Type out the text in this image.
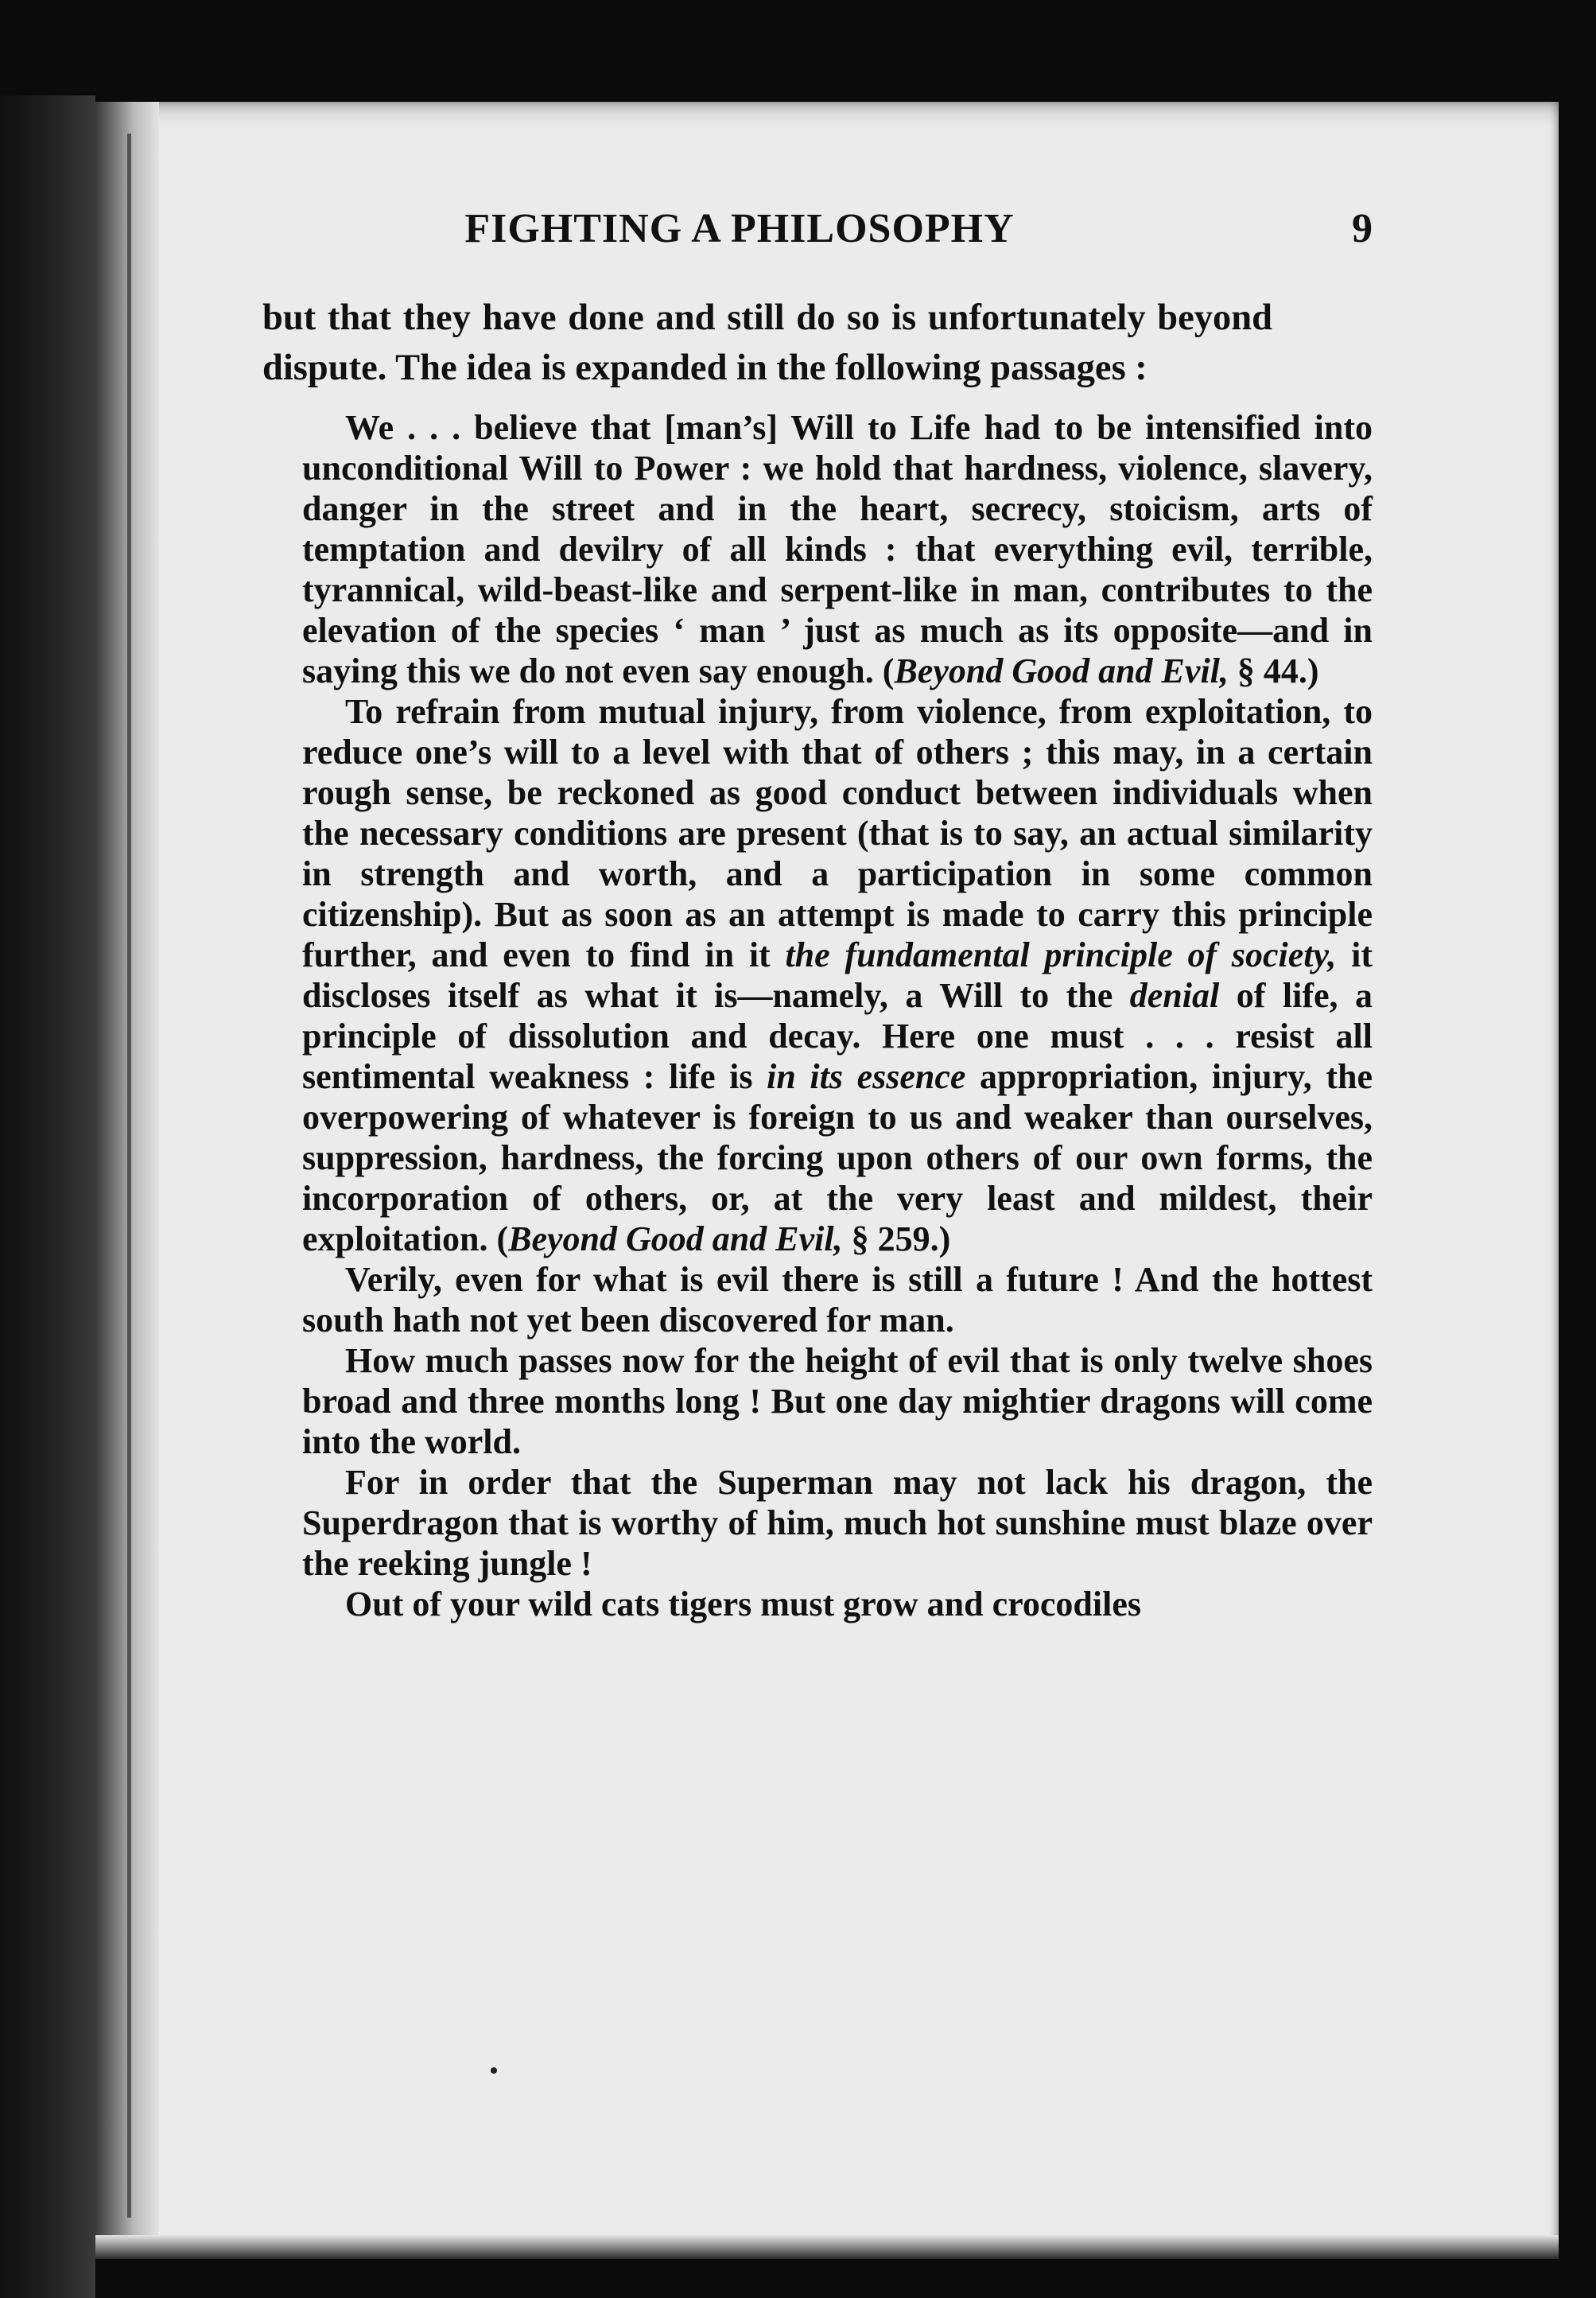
FIGHTING A PHILOSOPHY	9

but that they have done and still do so is unfortunately beyond dispute. The idea is expanded in the following passages :

We . . . believe that [man’s] Will to Life had to be intensified into unconditional Will to Power : we hold that hardness, violence, slavery, danger in the street and in the heart, secrecy, stoicism, arts of temptation and devilry of all kinds : that everything evil, terrible, tyrannical, wild-beast-like and serpent-like in man, contributes to the elevation of the species ‘ man ’ just as much as its opposite—and in saying this we do not even say enough. (Beyond Good and Evil, § 44.)

To refrain from mutual injury, from violence, from exploitation, to reduce one’s will to a level with that of others ; this may, in a certain rough sense, be reckoned as good conduct between individuals when the necessary conditions are present (that is to say, an actual similarity in strength and worth, and a participation in some common citizenship). But as soon as an attempt is made to carry this principle further, and even to find in it the fundamental principle of society, it discloses itself as what it is—namely, a Will to the denial of life, a principle of dissolution and decay. Here one must . . . resist all sentimental weakness : life is in its essence appropriation, injury, the overpowering of whatever is foreign to us and weaker than ourselves, suppression, hardness, the forcing upon others of our own forms, the incorporation of others, or, at the very least and mildest, their exploitation. (Beyond Good and Evil, § 259.)

Verily, even for what is evil there is still a future ! And the hottest south hath not yet been discovered for man.

How much passes now for the height of evil that is only twelve shoes broad and three months long ! But one day mightier dragons will come into the world.

For in order that the Superman may not lack his dragon, the Superdragon that is worthy of him, much hot sunshine must blaze over the reeking jungle !

Out of your wild cats tigers must grow and crocodiles
